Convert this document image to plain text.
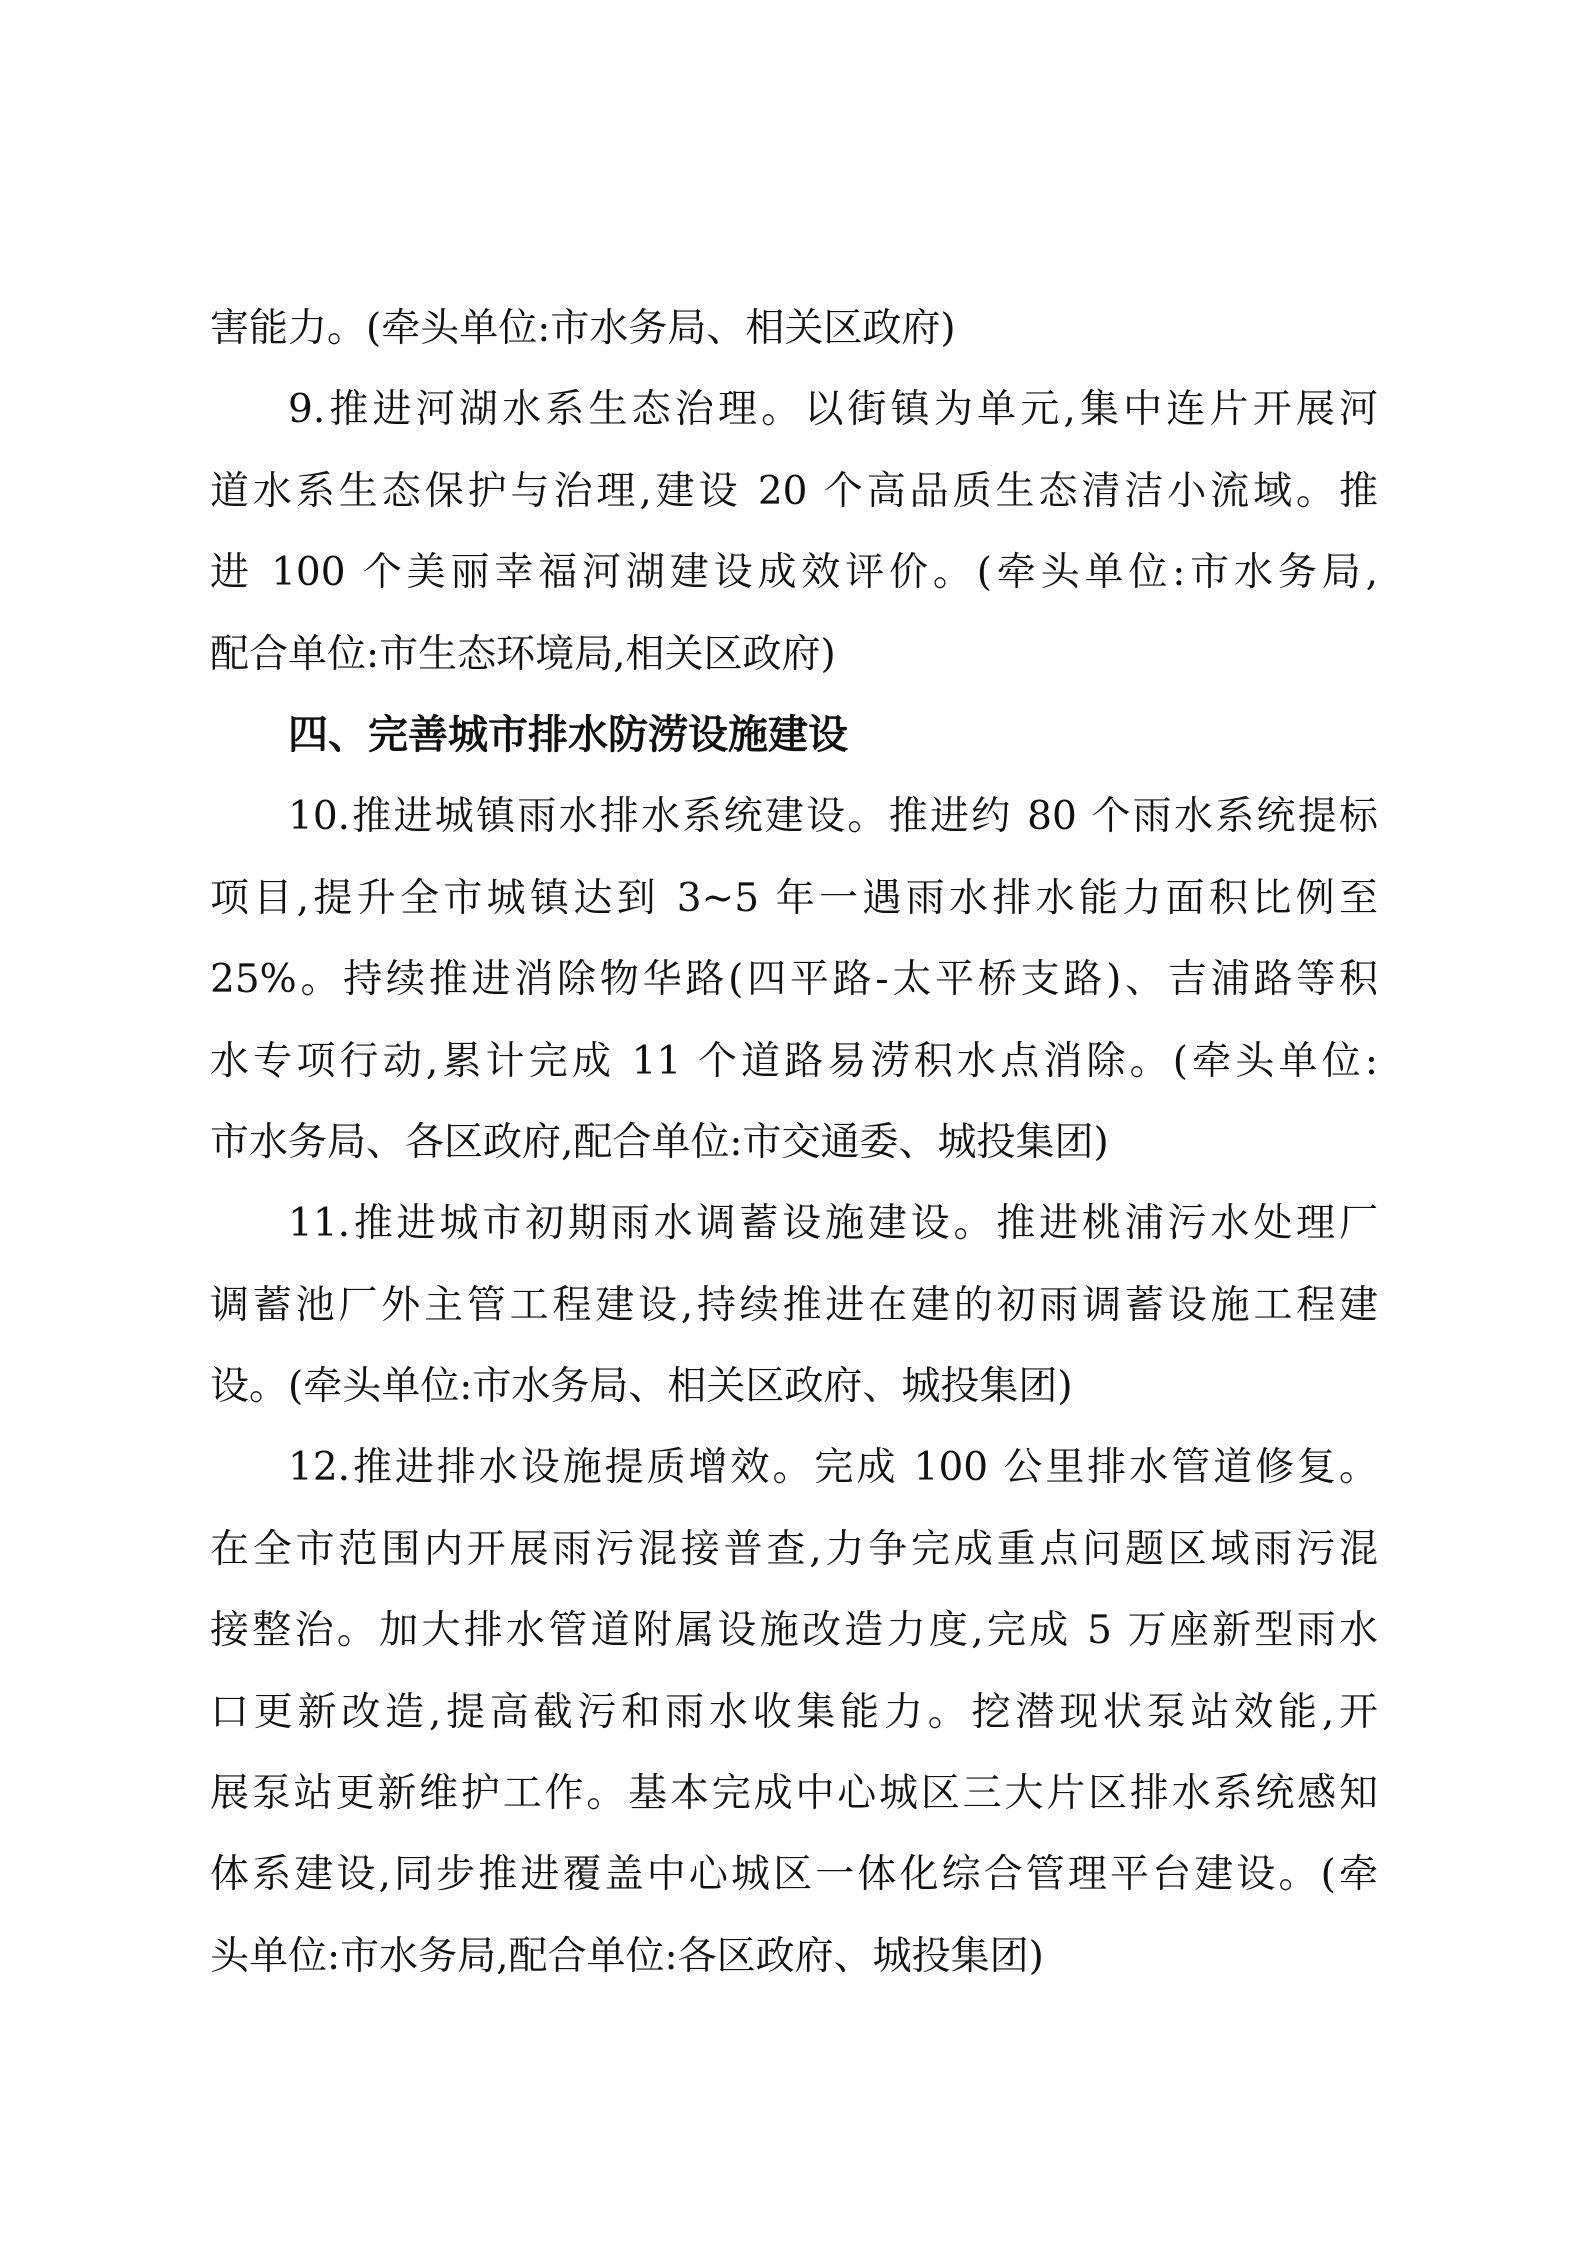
害能力。(牵头单位:市水务局、相关区政府)
9.推进河湖水系生态治理。以街镇为单元,集中连片开展河
道水系生态保护与治理,建设 20 个高品质生态清洁小流域。推
进 100 个美丽幸福河湖建设成效评价。(牵头单位:市水务局,
配合单位:市生态环境局,相关区政府)
四、完善城市排水防涝设施建设
10.推进城镇雨水排水系统建设。推进约 80 个雨水系统提标
项目,提升全市城镇达到 3~5 年一遇雨水排水能力面积比例至
25%。持续推进消除物华路(四平路-太平桥支路)、吉浦路等积
水专项行动,累计完成 11 个道路易涝积水点消除。(牵头单位:
市水务局、各区政府,配合单位:市交通委、城投集团)
11.推进城市初期雨水调蓄设施建设。推进桃浦污水处理厂
调蓄池厂外主管工程建设,持续推进在建的初雨调蓄设施工程建
设。(牵头单位:市水务局、相关区政府、城投集团)
12.推进排水设施提质增效。完成 100 公里排水管道修复。
在全市范围内开展雨污混接普查,力争完成重点问题区域雨污混
接整治。加大排水管道附属设施改造力度,完成 5 万座新型雨水
口更新改造,提高截污和雨水收集能力。挖潜现状泵站效能,开
展泵站更新维护工作。基本完成中心城区三大片区排水系统感知
体系建设,同步推进覆盖中心城区一体化综合管理平台建设。(牵
头单位:市水务局,配合单位:各区政府、城投集团)
